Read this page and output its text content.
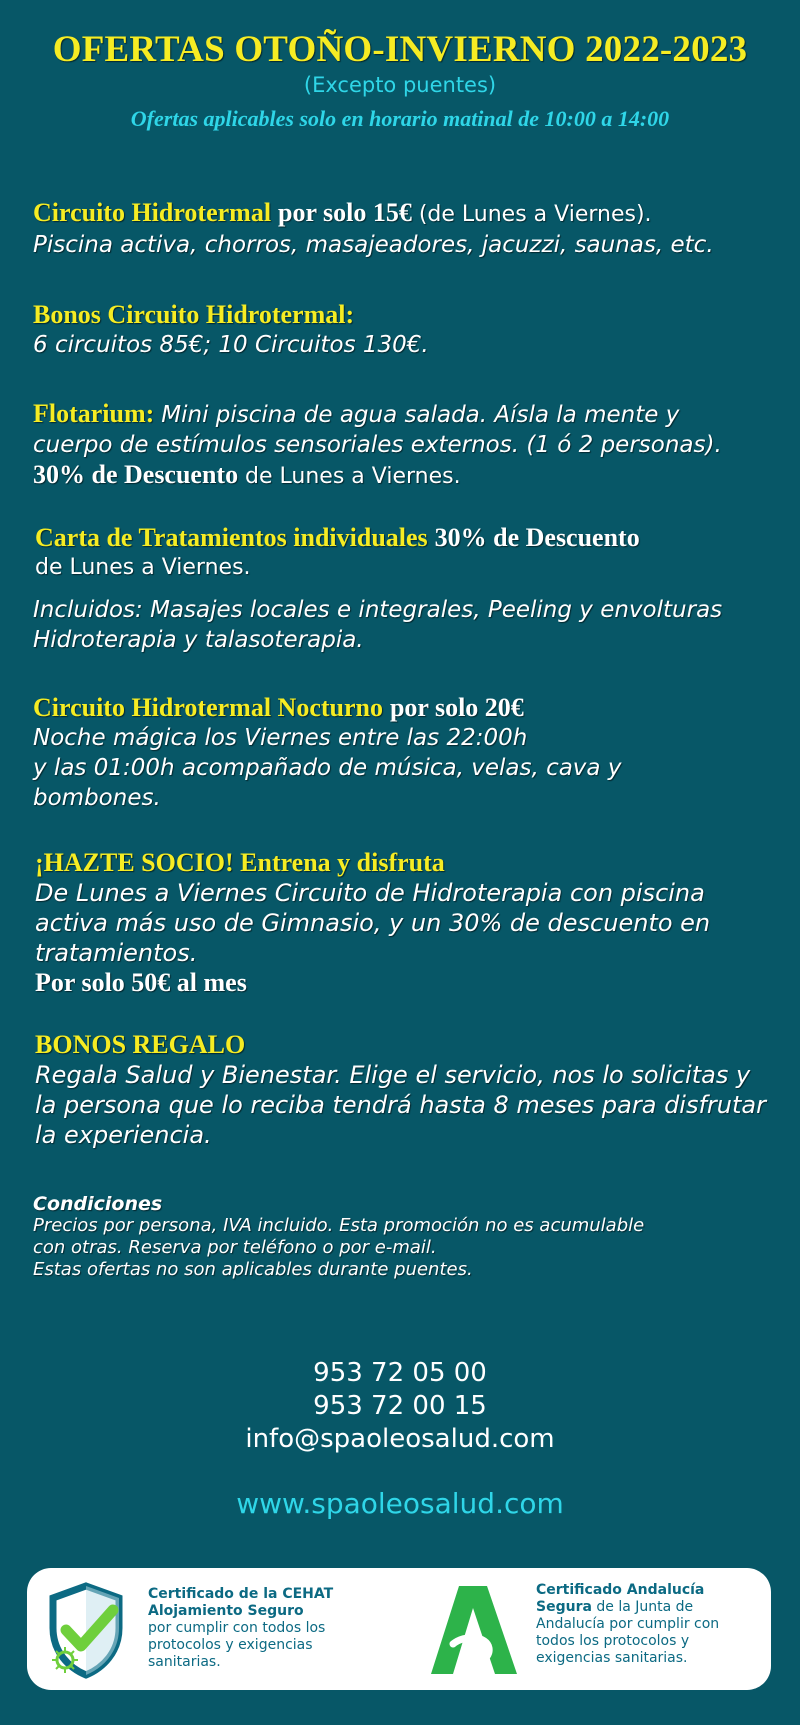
OFERTAS OTOÑO-INVIERNO 2022-2023
(Excepto puentes)
Ofertas aplicables solo en horario matinal de 10:00 a 14:00
Circuito Hidrotermal por solo 15€ (de Lunes a Viernes).
Piscina activa, chorros, masajeadores, jacuzzi, saunas, etc.
Bonos Circuito Hidrotermal:
6 circuitos 85€; 10 Circuitos 130€.
Flotarium: Mini piscina de agua salada. Aísla la mente y
cuerpo de estímulos sensoriales externos. (1 ó 2 personas).
30% de Descuento de Lunes a Viernes.
Carta de Tratamientos individuales 30% de Descuento
de Lunes a Viernes.
Incluidos: Masajes locales e integrales, Peeling y envolturas
Hidroterapia y talasoterapia.
Circuito Hidrotermal Nocturno por solo 20€
Noche mágica los Viernes entre las 22:00h
y las 01:00h acompañado de música, velas, cava y
bombones.
¡HAZTE SOCIO! Entrena y disfruta
De Lunes a Viernes Circuito de Hidroterapia con piscina
activa más uso de Gimnasio, y un 30% de descuento en
tratamientos.
Por solo 50€ al mes
BONOS REGALO
Regala Salud y Bienestar. Elige el servicio, nos lo solicitas y
la persona que lo reciba tendrá hasta 8 meses para disfrutar
la experiencia.
Condiciones
Precios por persona, IVA incluido. Esta promoción no es acumulable
con otras. Reserva por teléfono o por e-mail.
Estas ofertas no son aplicables durante puentes.
953 72 05 00
953 72 00 15
info@spaoleosalud.com
www.spaoleosalud.com
Certificado de la CEHAT
Alojamiento Seguro
por cumplir con todos los
protocolos y exigencias
sanitarias.
Certificado Andalucía
Segura de la Junta de
Andalucía por cumplir con
todos los protocolos y
exigencias sanitarias.
